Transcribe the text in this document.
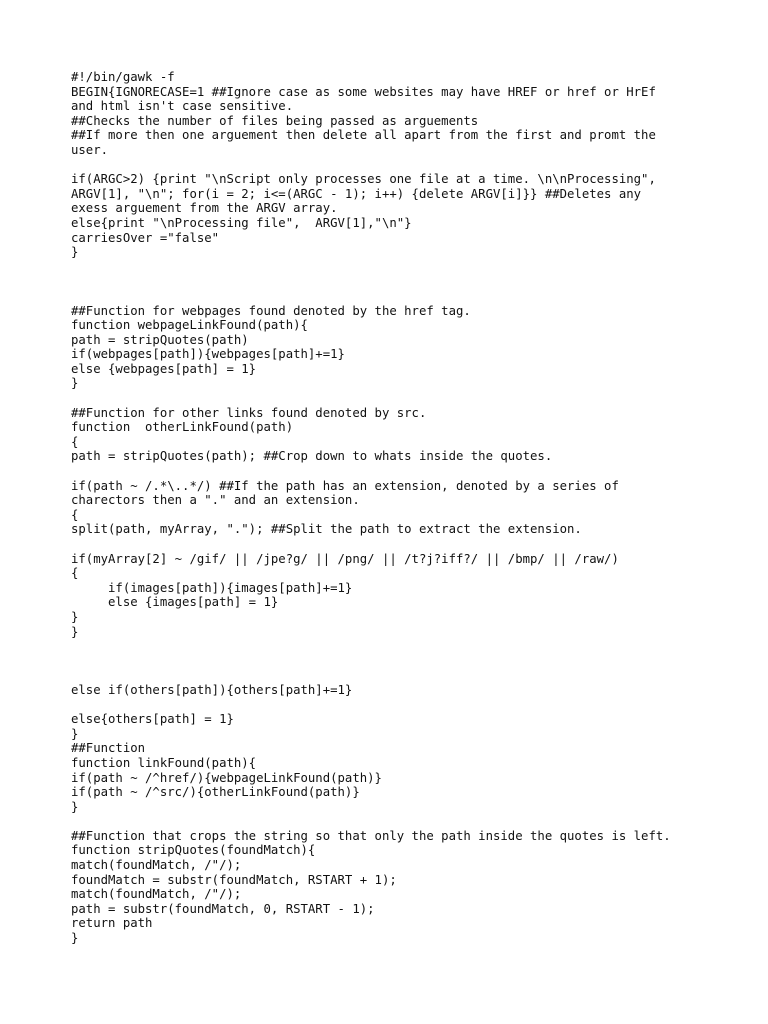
#!/bin/gawk -f
BEGIN{IGNORECASE=1 ##Ignore case as some websites may have HREF or href or HrEf
and html isn't case sensitive.
##Checks the number of files being passed as arguements
##If more then one arguement then delete all apart from the first and promt the
user.
if(ARGC>2) {print "\nScript only processes one file at a time. \n\nProcessing",
ARGV[1], "\n"; for(i = 2; i<=(ARGC - 1); i++) {delete ARGV[i]}} ##Deletes any
exess arguement from the ARGV array.
else{print "\nProcessing file",  ARGV[1],"\n"}
carriesOver ="false"
}
##Function for webpages found denoted by the href tag.
function webpageLinkFound(path){
path = stripQuotes(path)
if(webpages[path]){webpages[path]+=1}
else {webpages[path] = 1}
}
##Function for other links found denoted by src.
function  otherLinkFound(path)
{
path = stripQuotes(path); ##Crop down to whats inside the quotes.
if(path ~ /.*\..*/) ##If the path has an extension, denoted by a series of
charectors then a "." and an extension.
{
split(path, myArray, "."); ##Split the path to extract the extension.
if(myArray[2] ~ /gif/ || /jpe?g/ || /png/ || /t?j?iff?/ || /bmp/ || /raw/)
{
if(images[path]){images[path]+=1}
else {images[path] = 1}
}
}
else if(others[path]){others[path]+=1}
else{others[path] = 1}
}
##Function
function linkFound(path){
if(path ~ /^href/){webpageLinkFound(path)}
if(path ~ /^src/){otherLinkFound(path)}
}
##Function that crops the string so that only the path inside the quotes is left.
function stripQuotes(foundMatch){
match(foundMatch, /"/);
foundMatch = substr(foundMatch, RSTART + 1);
match(foundMatch, /"/);
path = substr(foundMatch, 0, RSTART - 1);
return path
}
